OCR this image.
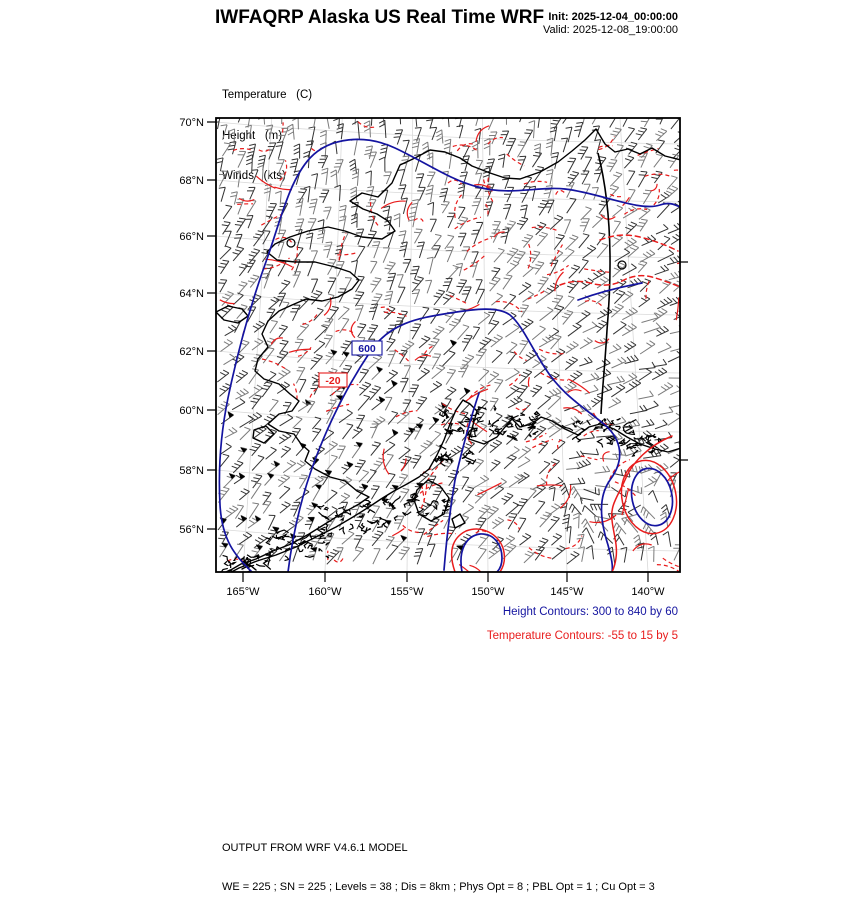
IWFAQRP Alaska US Real Time WRF Init: 2025-12-04_00:00:00
Valid: 2025-12-08_19:00:00

Temperature   (C)

Height   (m)

Winds   (kts)

600
-20
70°N
68°N
66°N
64°N
62°N
60°N
58°N
56°N
165°W	160°W	155°W	150°W	145°W	140°W
Height Contours: 300 to 840 by 60
Temperature Contours: -55 to 15 by 5

OUTPUT FROM WRF V4.6.1 MODEL

WE = 225 ; SN = 225 ; Levels = 38 ; Dis = 8km ; Phys Opt = 8 ; PBL Opt = 1 ; Cu Opt = 3
